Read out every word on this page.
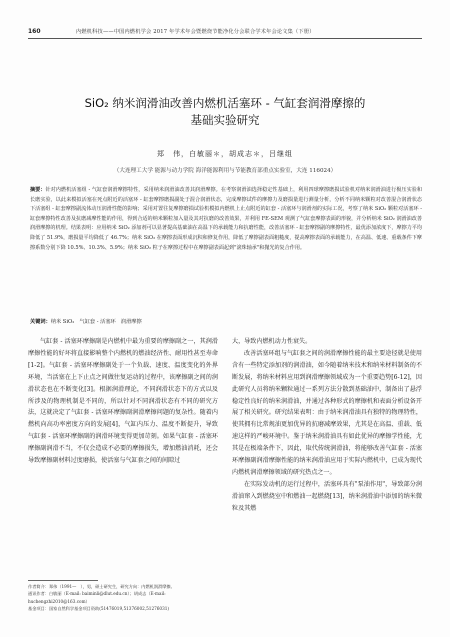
160	内燃机科技——中国内燃机学会 2017 年学术年会暨燃烧节能净化分会联合学术年会论文集（下册）
SiO₂ 纳米润滑油改善内燃机活塞环 - 气缸套润滑摩擦的
基础实验研究
郑　伟，白敏丽＊，胡成志＊，吕继组
（大连理工大学 能源与动力学院 海洋能源利用与节能教育部重点实验室，大连 116024）
摘要：针对内燃机活塞组 - 气缸套润滑摩擦特性，采用纳米润滑油改善其润滑摩擦。在考察润滑油选择稳定性基础上，利用四球摩擦磨损试验机对纳米润滑油进行极压实验和长磨实验，以此来模拟活塞在死点附近的活塞环 - 缸套摩擦磨损副处于混合润滑状态，完成摩擦试件的摩擦力及磨损量进行测量分析，分析不同纳米颗粒对改善混合润滑状态下活塞组 - 缸套摩擦副流体动压润滑性能的影响；采用对置往复摩擦磨损试验机模拟内燃机上止点附近的缸套 - 活塞环与润滑剂的实际工况，考察了纳米 SiO₂ 颗粒对活塞环 - 缸套摩擦特性改善及抗磨减摩性能的作用，得到合适的纳米颗粒加入量及其对抗磨的改善效果，并利用 FE-SEM 观测了气缸套摩擦表面的形貌，并分析纳米 SiO₂ 润滑油改善润滑摩擦的机理。结果表明：应用纳米 SiO₂ 添加剂可以显著提高基础油在高温下的承载能力和抗磨性能，改善活塞环 - 缸套摩擦副的摩擦特性，最优添加浓度下，摩擦力平均降低了 51.9%，磨损量平均降低了 46.7%；纳米 SiO₂ 在摩擦表面形成沉积和修复作用，降低了摩擦副表面粗糙度，提高摩擦表面的承载能力，在高温、低速、重载条件下摩擦系数分别下降 10.5%、10.3%、5.9%；纳米 SiO₂ 粒子在摩擦过程中在摩擦副表面起到"滚珠轴承"和抛光的复合作用。
关键词：纳米 SiO₂　气缸套 - 活塞环　润滑摩擦

气缸套 - 活塞环摩擦副是内燃机中最为重要的摩擦副之一，其润滑摩擦性能的好坏将直接影响整个内燃机的燃油经济性、耐用性甚至寿命[1-2]。气缸套 - 活塞环摩擦副处于一个负载、速度、温度变化的外界环境，当活塞在上下止点之间做往复运动的过程中，该摩擦副之间的润滑状态也在不断变化[3]。根据润滑理论，不同润滑状态下的方式以及所涉及的物理机制是不同的，所以针对不同润滑状态有不同的研究方法，这就决定了气缸套 - 活塞环摩擦副润滑摩擦问题的复杂性。随着内燃机向高功率密度方向的发展[4]，气缸内压力、温度不断提升，导致气缸套 - 活塞环摩擦副的润滑环境变得更加苛刻。如果气缸套 - 活塞环摩擦副润滑不当，不仅会造成不必要的摩擦损失，增加燃油消耗，还会导致摩擦副材料过度磨损，使活塞与气缸套之间的间隙过

大，导致内燃机动力性衰失。

改善活塞环组与气缸套之间的润滑摩擦性能的最主要途径就是使用含有一些特定添加剂的润滑油，如今随着纳米技术和纳米材料制备的不断发展，将纳米材料应用到润滑摩擦领域成为一个重要趋势[6-12]，因此研究人员将纳米颗粒通过一系列方法分散到基础油中，制备出了悬浮稳定性良好的纳米润滑油，并通过各种形式的摩擦机和表面分析设备开展了相关研究。研究结果表明：由于纳米润滑油具有独特的物理特性，使其拥有比常规油更加优异的抗磨减摩效果，尤其是在高温、重载、低速这样的严峻环境中。鉴于纳米润滑油具有如此优异的摩擦学性能，尤其是在极端条件下，因此，取代传统润滑油，将能够改善气缸套 - 活塞环摩擦副润滑摩擦性能的纳米润滑油应用于实际内燃机中，已成为现代内燃机润滑摩擦领域的研究热点之一。

在实际发动机的运行过程中，活塞环具有"泵油作用"，导致部分润滑油窜入到燃烧室中和燃油一起燃烧[13]，纳米润滑油中添加的纳米微粒及其燃

作者简介：郑伟（1991—　），男，硕士研究生，研究方向：内燃机润滑摩擦。
通讯作者：白敏丽（E-mail: baiminli@dlut.edu.cn）；胡成志（E-mail: huchengzhi2010@163.com）
基金项目：国家自然科学基金项目资助(51476019,51376002,51276031)
